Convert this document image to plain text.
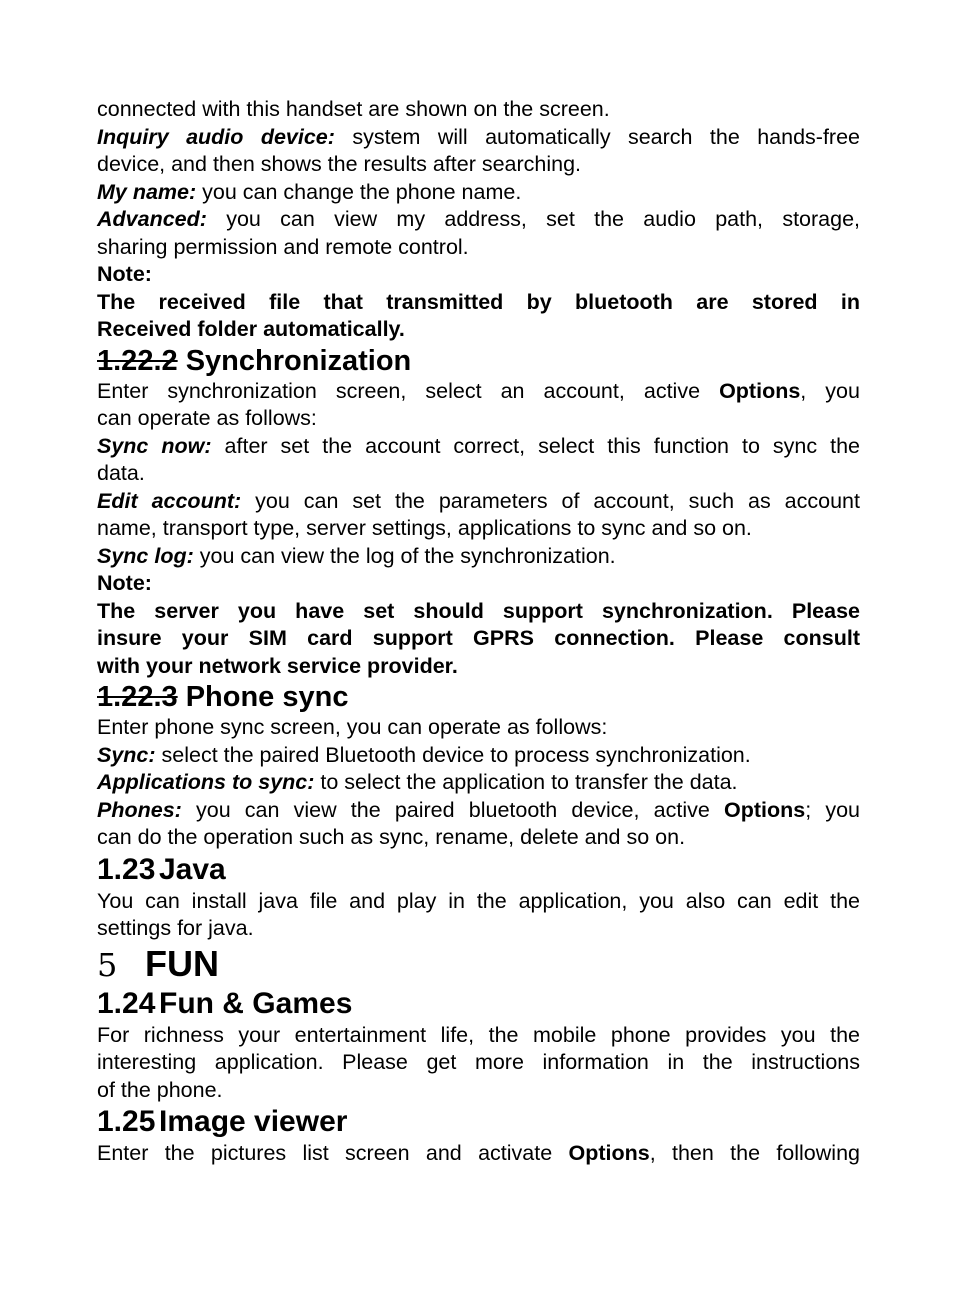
connected with this handset are shown on the screen.

Inquiry audio device: system will automatically search the hands-free

device, and then shows the results after searching.

My name: you can change the phone name.

Advanced: you can view my address, set the audio path, storage,

sharing permission and remote control.

Note:

The received file that transmitted by bluetooth are stored in

Received folder automatically.

1.22.2 Synchronization

Enter synchronization screen, select an account, active Options, you

can operate as follows:

Sync now: after set the account correct, select this function to sync the

data.

Edit account: you can set the parameters of account, such as account

name, transport type, server settings, applications to sync and so on.

Sync log: you can view the log of the synchronization.

Note:

The server you have set should support synchronization. Please

insure your SIM card support GPRS connection. Please consult

with your network service provider.

1.22.3 Phone sync

Enter phone sync screen, you can operate as follows:

Sync: select the paired Bluetooth device to process synchronization.

Applications to sync: to select the application to transfer the data.

Phones: you can view the paired bluetooth device, active Options; you

can do the operation such as sync, rename, delete and so on.

1.23 Java

You can install java file and play in the application, you also can edit the

settings for java.

5 FUN
1.24 Fun & Games

For richness your entertainment life, the mobile phone provides you the

interesting application. Please get more information in the instructions

of the phone.

1.25 Image viewer

Enter the pictures list screen and activate Options, then the following
